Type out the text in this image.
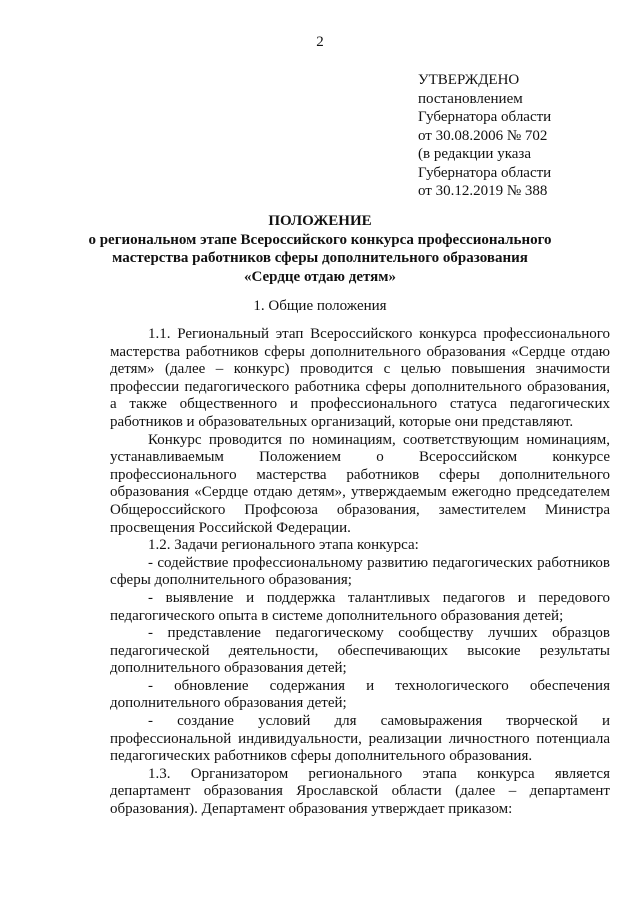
2
УТВЕРЖДЕНО
постановлением
Губернатора области
от 30.08.2006 № 702
(в редакции указа
Губернатора области
от 30.12.2019 № 388
ПОЛОЖЕНИЕ
о региональном этапе Всероссийского конкурса профессионального
мастерства работников сферы дополнительного образования
«Сердце отдаю детям»
1. Общие положения

1.1. Региональный этап Всероссийского конкурса профессионального мастерства работников сферы дополнительного образования «Сердце отдаю детям» (далее – конкурс) проводится с целью повышения значимости профессии педагогического работника сферы дополнительного образования, а также общественного и профессионального статуса педагогических работников и образовательных организаций, которые они представляют.

Конкурс проводится по номинациям, соответствующим номинациям, устанавливаемым Положением о Всероссийском конкурсе профессионального мастерства работников сферы дополнительного образования «Сердце отдаю детям», утверждаемым ежегодно председателем Общероссийского Профсоюза образования, заместителем Министра просвещения Российской Федерации.

1.2. Задачи регионального этапа конкурса:

- содействие профессиональному развитию педагогических работников сферы дополнительного образования;

- выявление и поддержка талантливых педагогов и передового педагогического опыта в системе дополнительного образования детей;

- представление педагогическому сообществу лучших образцов педагогической деятельности, обеспечивающих высокие результаты дополнительного образования детей;

- обновление содержания и технологического обеспечения дополнительного образования детей;

- создание условий для самовыражения творческой и профессиональной индивидуальности, реализации личностного потенциала педагогических работников сферы дополнительного образования.

1.3. Организатором регионального этапа конкурса является департамент образования Ярославской области (далее – департамент образования). Департамент образования утверждает приказом:
